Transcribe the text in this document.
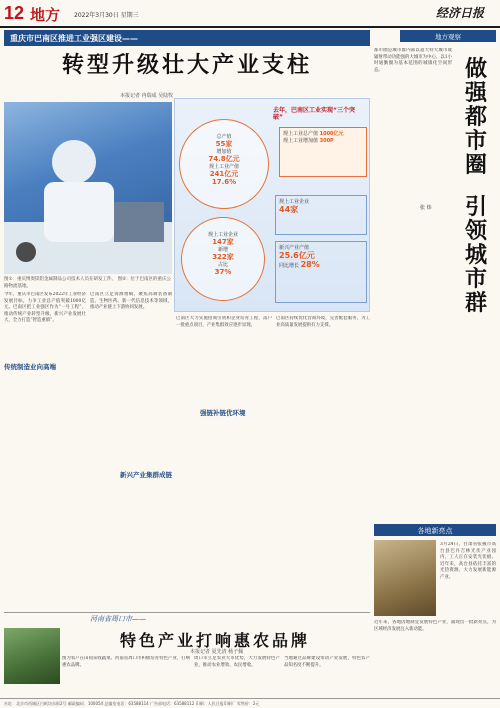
12 地方 2022年3月30日 星期三	经济日报
重庆市巴南区推进工业强区建设——
转型升级壮大产业支柱
本报记者 冉瑞成 吴陆牧
图①：重庆博奥镁铝金属制品公司技术人员在研发工件。 图②：位于巴南区的重庆公路物流基地。
去年，巴南区工业实现“三个突破”
总产值
55家
增加值
74.8亿元
规上工业产值
241亿元
17.6%
规上工业总产值 1000亿元
规上工业增加值 300P
规上工业企业
147家
新增
322家
占比
37%
规上工业企业
44家
新兴产业产值
25.6亿元
同比增长 28%
今年，重庆市巴南区发布2022年工业经济发展目标，力争工业总产值突破1000亿元。巴南区把工业强区作为“一号工程”，推动传统产业转型升级、新兴产业发展壮大，全力打造“智造重镇”。
传统制造业向高端
巴南区立足资源禀赋，聚焦高端装备制造、生物医药、新一代信息技术等领域，推动产业链上下游协同发展。
新兴产业集群成链
巴南区大力实施招商引资和企业培育工程，落户一批重点项目，产业集群效应逐步显现。
强链补链优环境
巴南区持续优化营商环境，完善配套服务，为工业高质量发展提供有力支撑。
地方观察
做强都市圈
引领城市群
张 炜
都市圈是城市群内部以超大特大城市或辐射带动功能强的大城市为中心、以1小时通勤圈为基本范围的城镇化空间形态。
各地新亮点
3月24日，甘肃省张掖市高台县巴丹吉林光伏产业园内，工人正在安装光伏板。近年来，高台县依托丰富的光热资源，大力发展新能源产业。
河南省周口市——
特色产业打响惠农品牌
本报记者 夏先清 杨子佩
图为农户在田间采收蔬菜。河南省周口市积极培育特色产业，打响惠农品牌。
周口市立足农业大市优势，大力发展特色产业，推动农业增效、农民增收。
当地通过品牌建设带动产业发展，特色农产品知名度不断提升。
近年来，各地因地制宜发展特色产业，涌现出一批新亮点，为区域经济发展注入新动能。
社址：北京市西城区白纸坊东街2号 邮政编码：100054 总编室电话：63588114 广告部电话：63588112 印刷：人民日报印刷厂 零售价：2元
